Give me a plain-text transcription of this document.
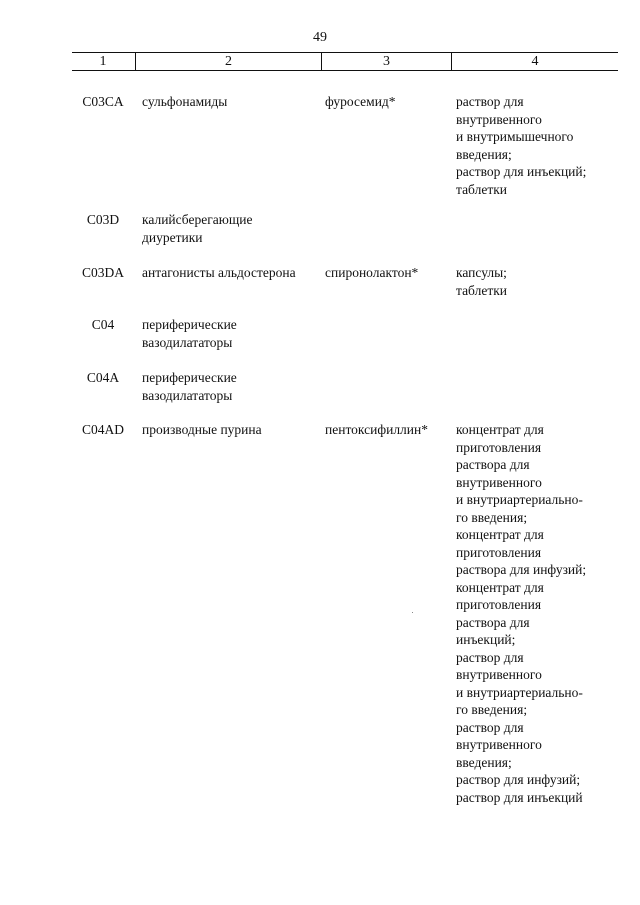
49
1	2	3	4
C03CA	сульфонамиды	фуросемид*	раствор для
внутривенного
и внутримышечного
введения;
раствор для инъекций;
таблетки
C03D	калийсберегающие
диуретики
C03DA	антагонисты альдостерона	спиронолактон*	капсулы;
таблетки
C04	периферические
вазодилататоры
C04A	периферические
вазодилататоры
C04AD	производные пурина	пентоксифиллин*	концентрат для
приготовления
раствора для
внутривенного
и внутриартериально-
го введения;
концентрат для
приготовления
раствора для инфузий;
концентрат для
приготовления
раствора для
инъекций;
раствор для
внутривенного
и внутриартериально-
го введения;
раствор для
внутривенного
введения;
раствор для инфузий;
раствор для инъекций
